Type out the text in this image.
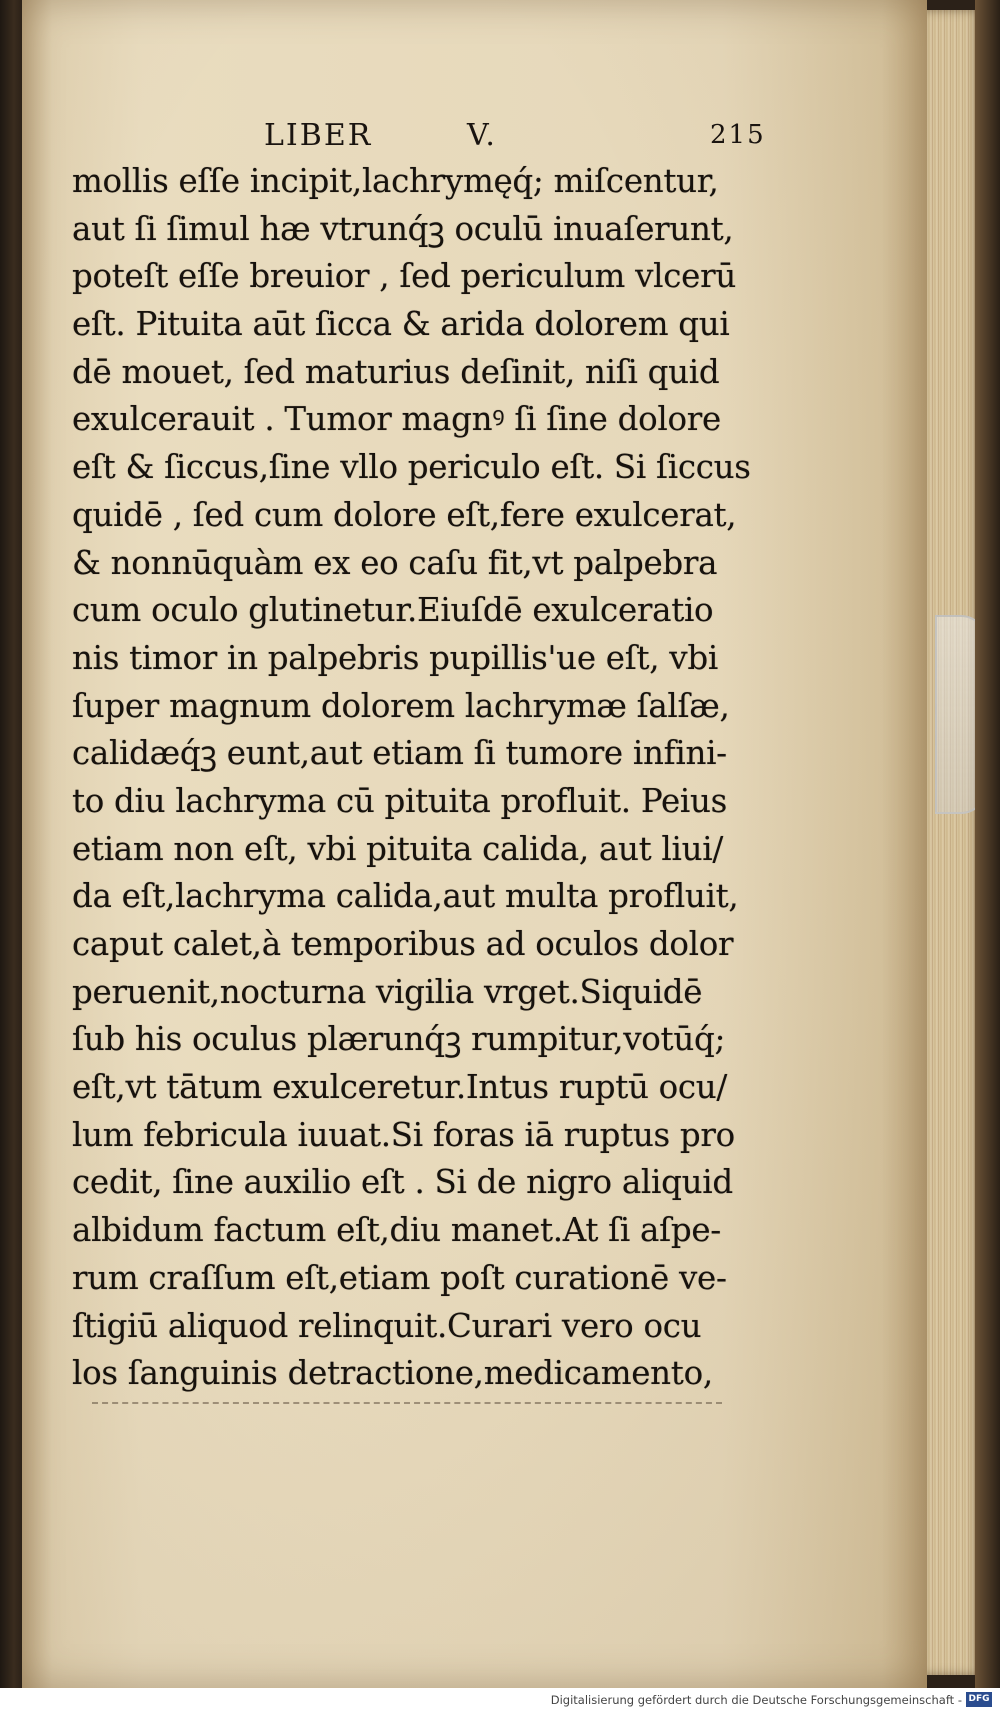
LIBER	V.	215
mollis eſſe incipit,lachrymęq́; miſcentur,
aut ſi ſimul hæ vtrunq́ꝫ oculū inuaſerunt,
poteſt eſſe breuior , ſed periculum vlcerū
eſt. Pituita aūt ſicca & arida dolorem qui
dē mouet, ſed maturius deſinit, niſi quid
exulcerauit . Tumor magnꝰ ſi ſine dolore
eſt & ſiccus,ſine vllo periculo eſt. Si ſiccus
quidē , ſed cum dolore eſt,fere exulcerat,
& nonnūquàm ex eo caſu fit,vt palpebra
cum oculo glutinetur.Eiuſdē exulceratio
nis timor in palpebris pupillis'ue eſt, vbi
ſuper magnum dolorem lachrymæ ſalſæ,
calidæq́ꝫ eunt,aut etiam ſi tumore infini-
to diu lachryma cū pituita profluit. Peius
etiam non eſt, vbi pituita calida, aut liui/
da eſt,lachryma calida,aut multa profluit,
caput calet,à temporibus ad oculos dolor
peruenit,nocturna vigilia vrget.Siquidē
ſub his oculus plærunq́ꝫ rumpitur,votūq́;
eſt,vt tātum exulceretur.Intus ruptū ocu/
lum febricula iuuat.Si foras iā ruptus pro
cedit, ſine auxilio eſt . Si de nigro aliquid
albidum factum eſt,diu manet.At ſi aſpe-
rum craſſum eſt,etiam poſt curationē ve-
ſtigiū aliquod relinquit.Curari vero ocu
los ſanguinis detractione,medicamento,
Digitalisierung gefördert durch die Deutsche Forschungsgemeinschaft - DFG
